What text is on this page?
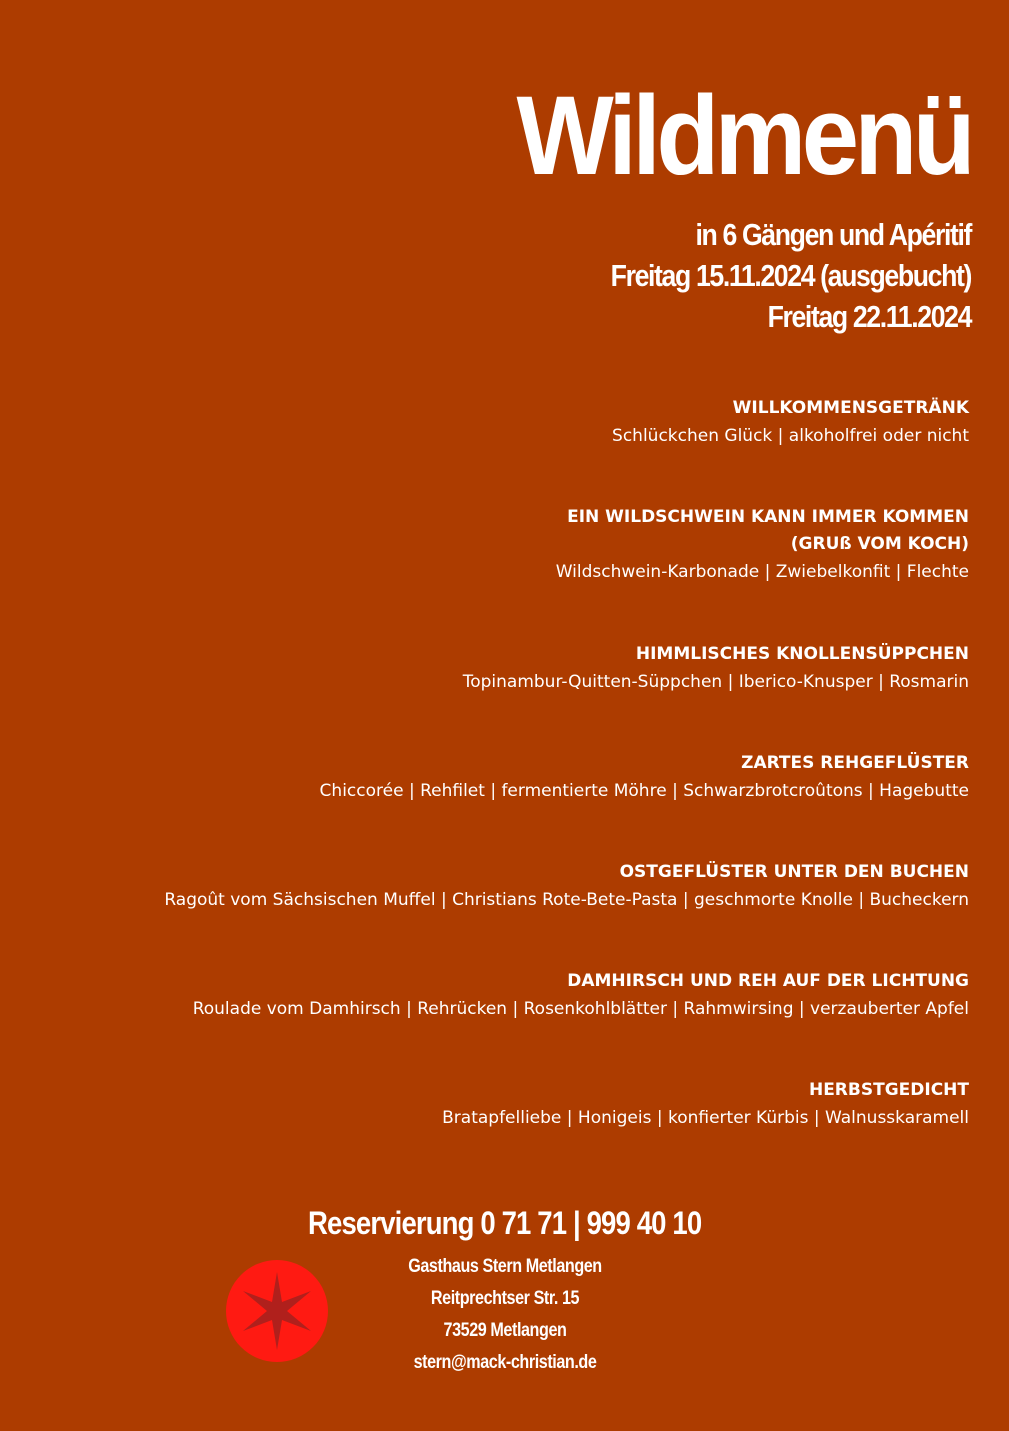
Wildmenü
in 6 Gängen und Apéritif
Freitag 15.11.2024 (ausgebucht)
Freitag 22.11.2024
WILLKOMMENSGETRÄNK
Schlückchen Glück | alkoholfrei oder nicht
EIN WILDSCHWEIN KANN IMMER KOMMEN
(GRUß VOM KOCH)
Wildschwein-Karbonade | Zwiebelkonfit | Flechte
HIMMLISCHES KNOLLENSÜPPCHEN
Topinambur-Quitten-Süppchen | Iberico-Knusper | Rosmarin
ZARTES REHGEFLÜSTER
Chiccorée | Rehfilet | fermentierte Möhre | Schwarzbrotcroûtons | Hagebutte
OSTGEFLÜSTER UNTER DEN BUCHEN
Ragoût vom Sächsischen Muffel | Christians Rote-Bete-Pasta | geschmorte Knolle | Bucheckern
DAMHIRSCH UND REH AUF DER LICHTUNG
Roulade vom Damhirsch | Rehrücken | Rosenkohlblätter | Rahmwirsing | verzauberter Apfel
HERBSTGEDICHT
Bratapfelliebe | Honigeis | konfierter Kürbis | Walnusskaramell
Reservierung 0 71 71 | 999 40 10
Gasthaus Stern Metlangen
Reitprechtser Str. 15
73529 Metlangen
stern@mack-christian.de
